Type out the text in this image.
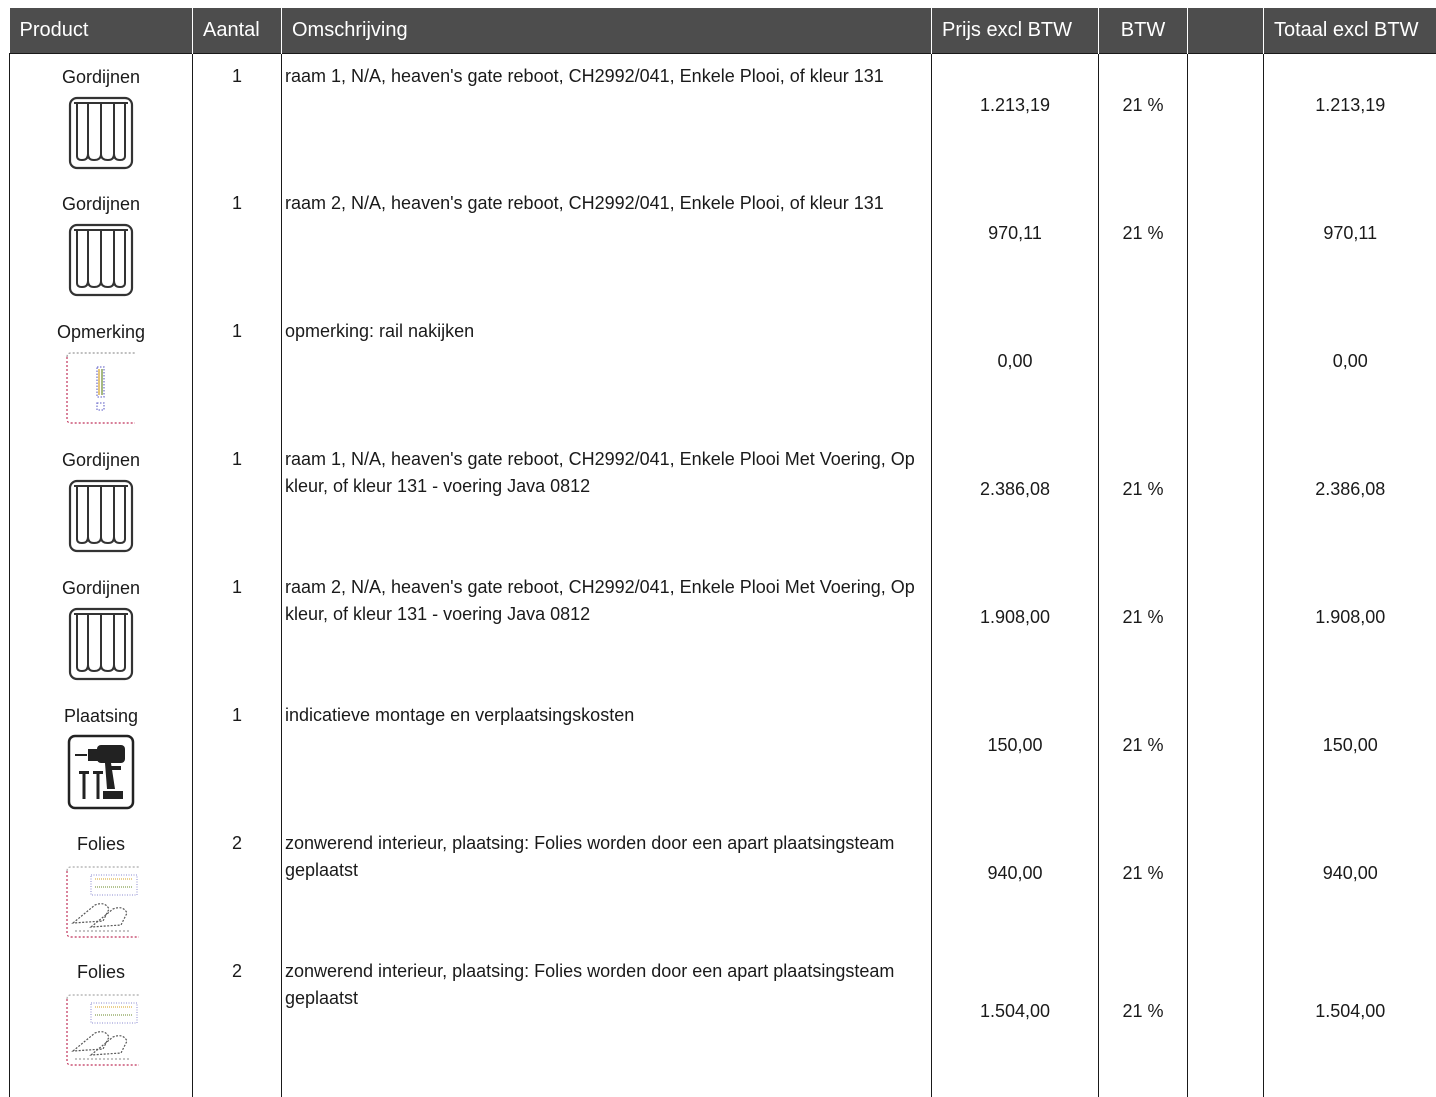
Product	Aantal	Omschrijving	Prijs excl BTW	BTW		Totaal excl BTW

Gordijnen	1	raam 1, N/A, heaven's gate reboot, CH2992/041, Enkele Plooi, of kleur 131	1.213,19	21 %		1.213,19

Gordijnen	1	raam 2, N/A, heaven's gate reboot, CH2992/041, Enkele Plooi, of kleur 131	970,11	21 %		970,11

Opmerking	1	opmerking: rail nakijken	0,00			0,00

Gordijnen	1	raam 1, N/A, heaven's gate reboot, CH2992/041, Enkele Plooi Met Voering, Op kleur, of kleur 131 - voering Java 0812	2.386,08	21 %		2.386,08

Gordijnen	1	raam 2, N/A, heaven's gate reboot, CH2992/041, Enkele Plooi Met Voering, Op kleur, of kleur 131 - voering Java 0812	1.908,00	21 %		1.908,00

Plaatsing	1	indicatieve montage en verplaatsingskosten	150,00	21 %		150,00

Folies	2	zonwerend interieur, plaatsing: Folies worden door een apart plaatsingsteam geplaatst	940,00	21 %		940,00

Folies	2	zonwerend interieur, plaatsing: Folies worden door een apart plaatsingsteam geplaatst	1.504,00	21 %		1.504,00
